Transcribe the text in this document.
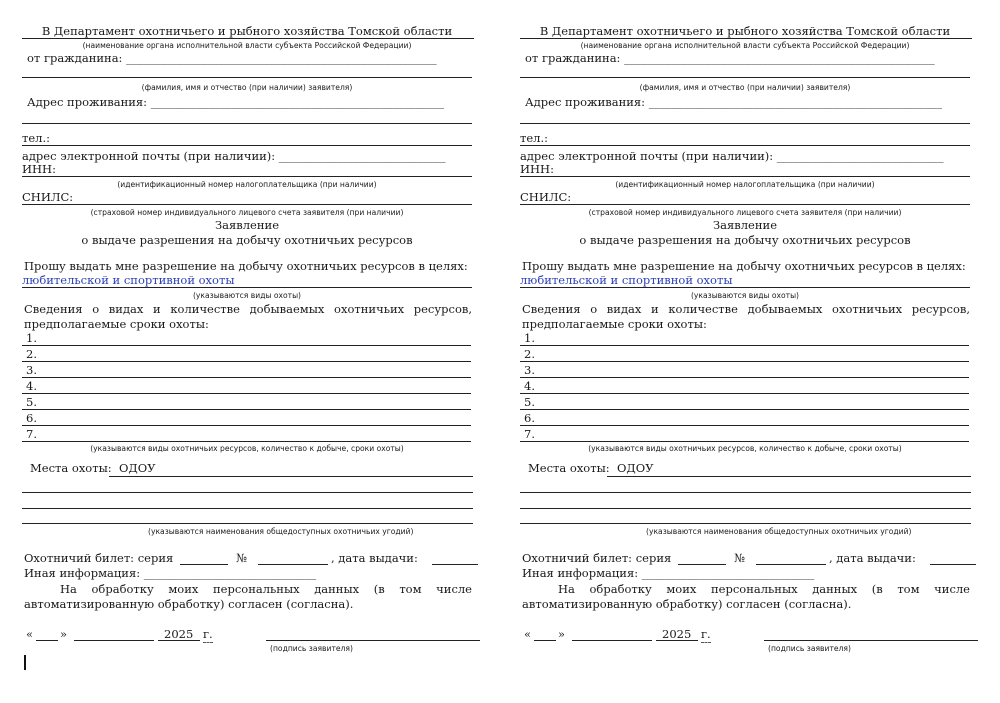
В Департамент охотничьего и рыбного хозяйства Томской области
(наименование органа исполнительной власти субъекта Российской Федерации)
от гражданина: ______________________________________________________
(фамилия, имя и отчество (при наличии) заявителя)
Адрес проживания: ___________________________________________________
тел.:
адрес электронной почты (при наличии): _____________________________
ИНН:
(идентификационный номер налогоплательщика (при наличии)
СНИЛС:
(страховой номер индивидуального лицевого счета заявителя (при наличии)
Заявление
о выдаче разрешения на добычу охотничьих ресурсов
Прошу выдать мне разрешение на добычу охотничьих ресурсов в целях:
любительской и спортивной охоты
(указываются виды охоты)
Сведения о видах и количестве добываемых охотничьих ресурсов,
предполагаемые сроки охоты:
1.
2.
3.
4.
5.
6.
7.
(указываются виды охотничьих ресурсов, количество к добыче, сроки охоты)
Места охоты: ОДОУ
(указываются наименования общедоступных охотничьих угодий)
Охотничий билет: серия	№	, дата выдачи:
Иная информация: ______________________________
На обработку моих персональных данных (в том числе
автоматизированную обработку) согласен (согласна).
« »	2025 г.
(подпись заявителя)
В Департамент охотничьего и рыбного хозяйства Томской области
(наименование органа исполнительной власти субъекта Российской Федерации)
от гражданина: ______________________________________________________
(фамилия, имя и отчество (при наличии) заявителя)
Адрес проживания: ___________________________________________________
тел.:
адрес электронной почты (при наличии): _____________________________
ИНН:
(идентификационный номер налогоплательщика (при наличии)
СНИЛС:
(страховой номер индивидуального лицевого счета заявителя (при наличии)
Заявление
о выдаче разрешения на добычу охотничьих ресурсов
Прошу выдать мне разрешение на добычу охотничьих ресурсов в целях:
любительской и спортивной охоты
(указываются виды охоты)
Сведения о видах и количестве добываемых охотничьих ресурсов,
предполагаемые сроки охоты:
1.
2.
3.
4.
5.
6.
7.
(указываются виды охотничьих ресурсов, количество к добыче, сроки охоты)
Места охоты: ОДОУ
(указываются наименования общедоступных охотничьих угодий)
Охотничий билет: серия	№	, дата выдачи:
Иная информация: ______________________________
На обработку моих персональных данных (в том числе
автоматизированную обработку) согласен (согласна).
« »	2025 г.
(подпись заявителя)
